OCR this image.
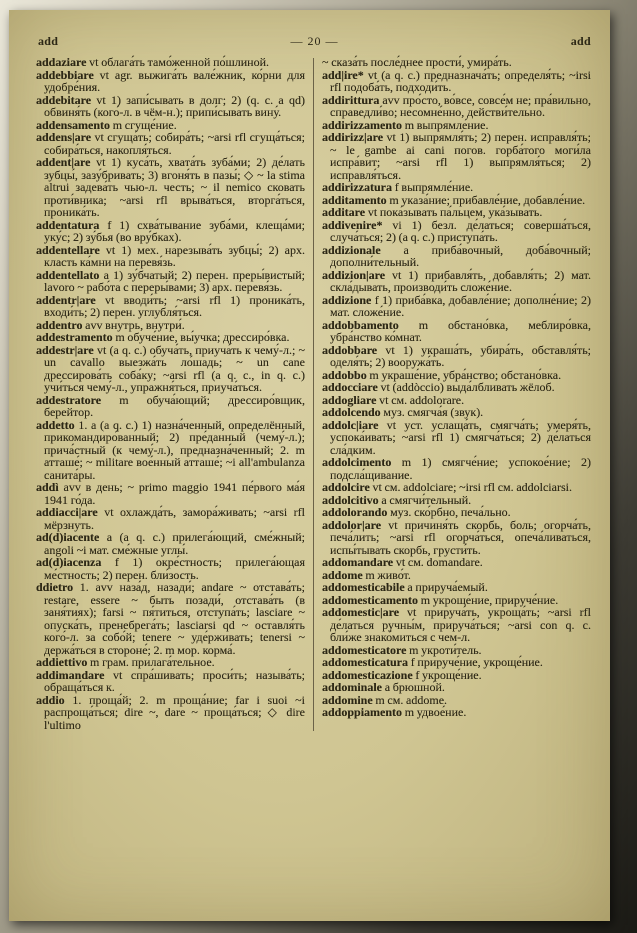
add	— 20 —	add

addaziare vt облага́ть тамо́женной по́шлиной.

addebbiare vt agr. выжига́ть вале́жник, ко́рни для удобре́ния.

addebitare vt 1) запи́сывать в долг; 2) (q. c. a qd) обвиня́ть (кого́-л. в чём-н.); припи́сывать вину́.

addensamento m сгуще́ние.

addens|are vt сгуща́ть; собира́ть; ~arsi rfl сгуща́ться; собира́ться, накопля́ться.

addent|are vt 1) куса́ть, хвата́ть зуба́ми; 2) де́лать зубцы́, зазу́бривать; 3) вгоня́ть в пазы́; ◇ ~ la stima altrui задева́ть чью-л. честь; ~ il nemico сковать проти́вника; ~arsi rfl врыва́ться, вторга́ться, проника́ть.

addentatura f 1) схва́тывание зуба́ми, клеща́ми; уку́с; 2) зу́бья (во вру́бках).

addentellare vt 1) мех. нарезыва́ть зубцы́; 2) арх. класть ка́мни на перевя́зь.

addentellato a 1) зу́бчатый; 2) перен. преры́вистый; lavoro ~ рабо́та с переры́вами; 3) арх. перевя́зь.

addentr|are vt вводи́ть; ~arsi rfl 1) проника́ть, входи́ть; 2) перен. углубля́ться.

addentro avv внутрь, внутри́.

addestramento m обуче́ние, вы́учка; дрессиро́вка.

addestr|are vt (a q. c.) обуча́ть, приуча́ть к чему́-л.; ~ un cavallo выезжа́ть ло́шадь; ~ un cane дрессирова́ть соба́ку; ~arsi rfl (a q. c., in q. c.) учи́ться чему́-л., упражня́ться, приуча́ться.

addestratore m обуча́ющий; дрессиро́вщик, берейтор.

addetto 1. a (a q. c.) 1) назна́ченный, определённый, прикомандиро́ванный; 2) пре́данный (чему́-л.); прича́стный (к чему́-л.), предназна́ченный; 2. m атташе́; ~ militare вое́нный атташе́; ~i all'ambulanza санита́ры.

addì avv в день; ~ primo maggio 1941 пе́рвого ма́я 1941 го́да.

addiacci|are vt охлажда́ть, замора́живать; ~arsi rfl мёрзнуть.

ad(d)iacente a (a q. c.) прилега́ющий, сме́жный; angoli ~i мат. сме́жные углы́.

ad(d)iacenza f 1) окре́стность; прилега́ющая ме́стность; 2) перен. бли́зость.

ddietro 1. avv наза́д, назади́; andare ~ отстава́ть; restare, essere ~ быть позади́, отстава́ть (в заня́тиях); farsi ~ пя́титься, отступа́ть; lasciare ~ опуска́ть, пренебрега́ть; lasciarsi qd ~ оставля́ть кого́-л. за собо́й; tenere ~ уде́рживать; tenersi ~ держа́ться в стороне́; 2. m мор. корма́.

addiettivo m грам. прилага́тельное.

addimandare vt спра́шивать; проси́ть; называ́ть; обраща́ться к.

addio 1. проща́й; 2. m проща́ние; far i suoi ~i распроща́ться; dire ~, dare ~ проща́ться; ◇ dire l'ultimo

~ сказа́ть после́днее прости́, умира́ть.

add|ire* vt (a q. c.) предназнача́ть; определя́ть; ~irsi rfl подоба́ть, подходи́ть.

addirittura avv про́сто, во́все, совсе́м не; пра́вильно, справедли́во; несомне́нно, действи́тельно.

addirizzamento m выпрямле́ние.

addirizz|are vt 1) выпрямля́ть; 2) перен. исправля́ть; ~ le gambe ai cani погов. горба́того моги́ла испра́вит; ~arsi rfl 1) выпрямля́ться; 2) исправля́ться.

addirizzatura f выпрямле́ние.

additamento m указа́ние; прибавле́ние, добавле́ние.

additare vt пока́зывать па́льцем, ука́зывать.

addivenire* vi 1) безл. де́латься; соверша́ться, случа́ться; 2) (a q. c.) приступа́ть.

addizionale a приба́вочный, доба́вочный; дополни́тельный.

addizion|are vt 1) прибавля́ть, добавля́ть; 2) мат. скла́дывать, производи́ть сложе́ние.

addizione f 1) приба́вка, добавле́ние; дополне́ние; 2) мат. сложе́ние.

addobbamento m обстано́вка, меблиро́вка, убра́нство ко́мнат.

addobbare vt 1) украша́ть, убира́ть, обставля́ть; оделя́ть; 2) вооружа́ть.

addobbo m украше́ние, убра́нство; обстано́вка.

addocciare vt (addòccio) выда́лбливать жёлоб.

addogliare vt см. addolorare.

addolcendo муз. смягча́я (звук).

addolc|iare vt уст. услаща́ть, смягча́ть; умеря́ть, успока́ивать; ~arsi rfl 1) смягча́ться; 2) де́латься сла́дким.

addolcimento m 1) смягче́ние; успокое́ние; 2) подсла́щивание.

addolcire vt см. addolciare; ~irsi rfl см. addolciarsi.

addolcitivo a смягчи́тельный.

addolorando муз. ско́рбно, печа́льно.

addolor|are vt причиня́ть скорбь, боль; огорча́ть, печа́лить; ~arsi rfl огорча́ться, опеча́ливаться, испы́тывать скорбь, грусти́ть.

addomandare vt см. domandare.

addome m живо́т.

addomesticabile a прируча́емый.

addomesticamento m укроще́ние, прируче́ние.

addomestic|are vt прируча́ть, укроща́ть; ~arsi rfl де́латься ручны́м, прируча́ться; ~arsi con q. c. бли́же знако́миться с чем-л.

addomesticatore m укроти́тель.

addomesticatura f прируче́ние, укроще́ние.

addomesticazione f укроще́ние.

addominale a брюшно́й.

addomine m см. addome.

addoppiamento m удвое́ние.
